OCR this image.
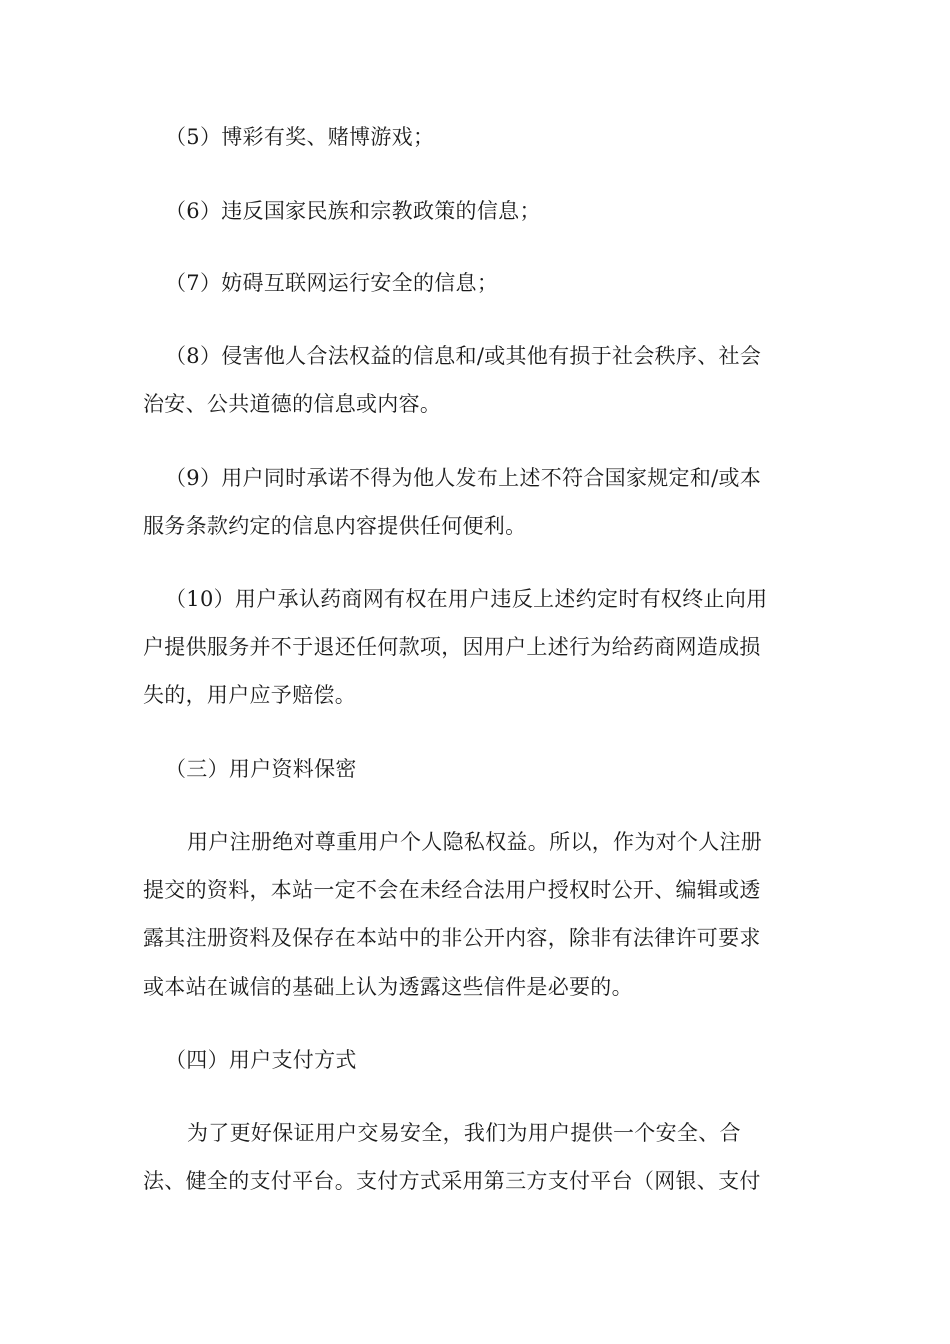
（5）博彩有奖、赌博游戏；
（6）违反国家民族和宗教政策的信息；
（7）妨碍互联网运行安全的信息；
（8）侵害他人合法权益的信息和/或其他有损于社会秩序、社会
治安、公共道德的信息或内容。
（9）用户同时承诺不得为他人发布上述不符合国家规定和/或本
服务条款约定的信息内容提供任何便利。
（10）用户承认药商网有权在用户违反上述约定时有权终止向用
户提供服务并不于退还任何款项，因用户上述行为给药商网造成损
失的，用户应予赔偿。
（三）用户资料保密
用户注册绝对尊重用户个人隐私权益。所以，作为对个人注册
提交的资料，本站一定不会在未经合法用户授权时公开、编辑或透
露其注册资料及保存在本站中的非公开内容，除非有法律许可要求
或本站在诚信的基础上认为透露这些信件是必要的。
（四）用户支付方式
为了更好保证用户交易安全，我们为用户提供一个安全、合
法、健全的支付平台。支付方式采用第三方支付平台（网银、支付
